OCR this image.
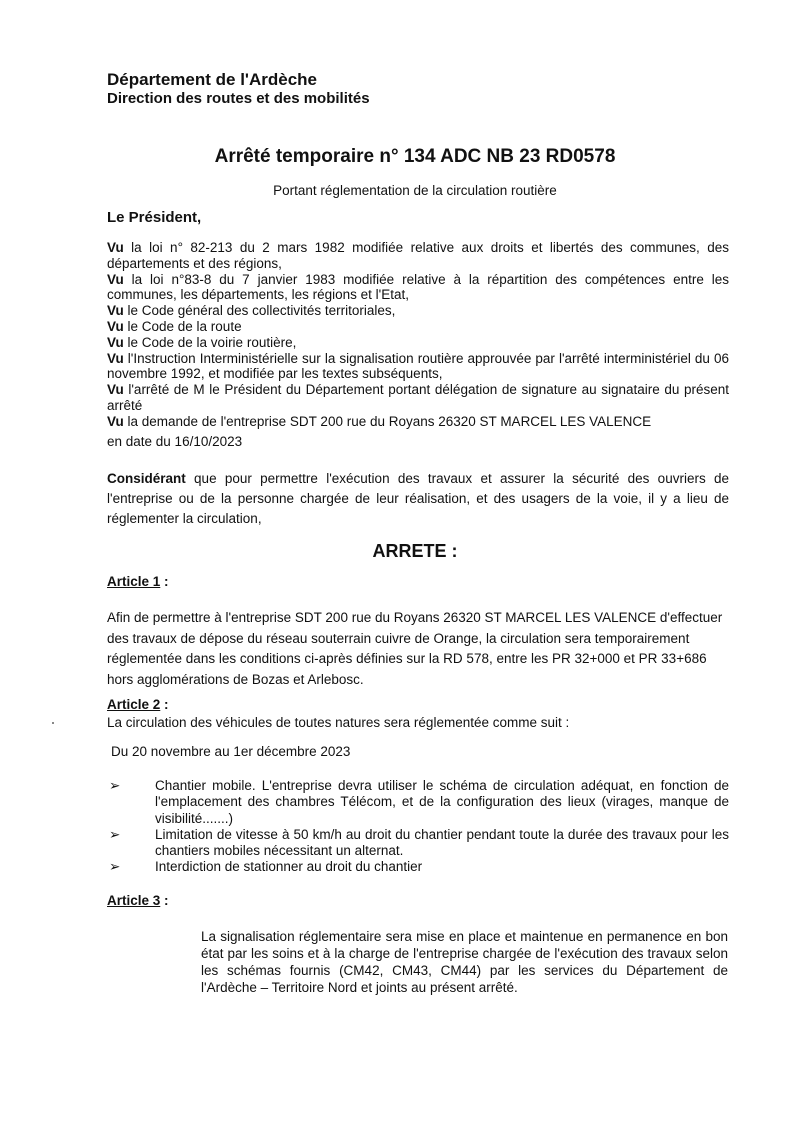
Département de l'Ardèche
Direction des routes et des mobilités
Arrêté temporaire n° 134 ADC NB 23 RD0578
Portant réglementation de la circulation routière
Le Président,

Vu la loi n° 82-213 du 2 mars 1982 modifiée relative aux droits et libertés des communes, des départements et des régions,

Vu la loi n°83-8 du 7 janvier 1983 modifiée relative à la répartition des compétences entre les communes, les départements, les régions et l'Etat,

Vu le Code général des collectivités territoriales,

Vu le Code de la route

Vu le Code de la voirie routière,

Vu l'Instruction Interministérielle sur la signalisation routière approuvée par l'arrêté interministériel du 06 novembre 1992, et modifiée par les textes subséquents,

Vu l'arrêté de M le Président du Département portant délégation de signature au signataire du présent arrêté

Vu la demande de l'entreprise SDT 200 rue du Royans 26320 ST MARCEL LES VALENCE

en date du 16/10/2023

Considérant que pour permettre l'exécution des travaux et assurer la sécurité des ouvriers de l'entreprise ou de la personne chargée de leur réalisation, et des usagers de la voie, il y a lieu de réglementer la circulation,
ARRETE :
Article 1 :
Afin de permettre à l'entreprise SDT 200 rue du Royans 26320 ST MARCEL LES VALENCE d'effectuer des travaux de dépose du réseau souterrain cuivre de Orange, la circulation sera temporairement réglementée dans les conditions ci-après définies sur la RD 578, entre les PR 32+000 et PR 33+686 hors agglomérations de Bozas et Arlebosc.
Article 2 :
La circulation des véhicules de toutes natures sera réglementée comme suit :
Du 20 novembre au 1er décembre 2023

➢	Chantier mobile. L'entreprise devra utiliser le schéma de circulation adéquat, en fonction de l'emplacement des chambres Télécom, et de la configuration des lieux (virages, manque de visibilité.......)

➢	Limitation de vitesse à 50 km/h au droit du chantier pendant toute la durée des travaux pour les chantiers mobiles nécessitant un alternat.

➢	Interdiction de stationner au droit du chantier

Article 3 :
La signalisation réglementaire sera mise en place et maintenue en permanence en bon état par les soins et à la charge de l'entreprise chargée de l'exécution des travaux selon les schémas fournis (CM42, CM43, CM44) par les services du Département de l'Ardèche – Territoire Nord et joints au présent arrêté.
